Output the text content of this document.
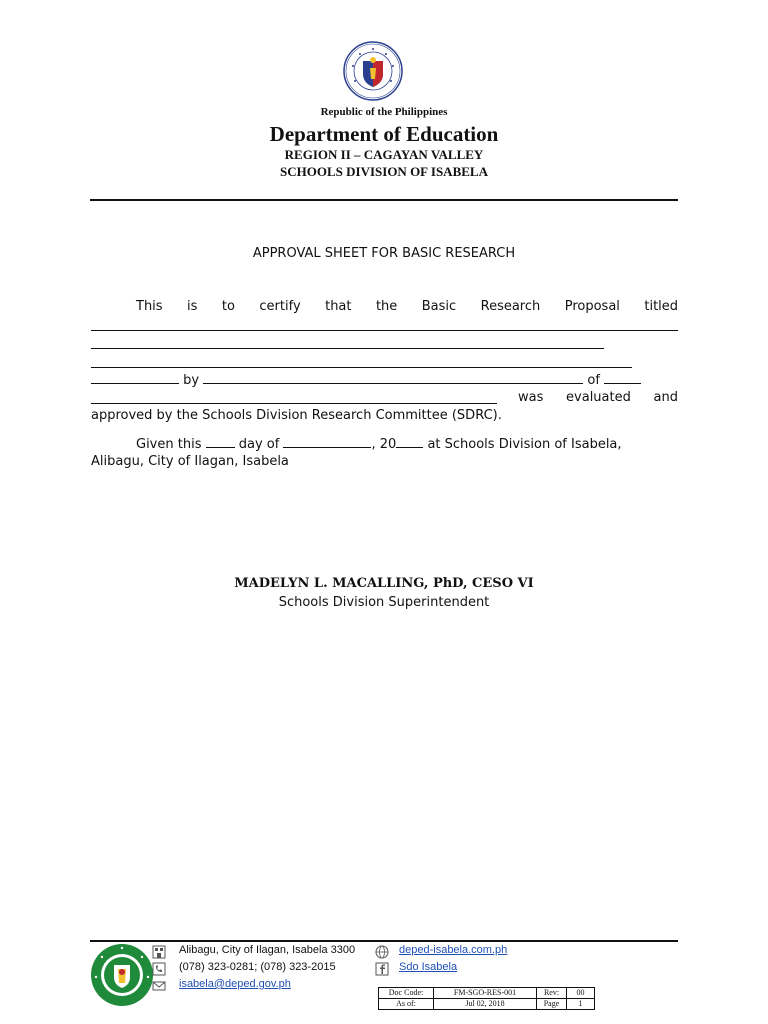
Republic of the Philippines
Department of Education
REGION II – CAGAYAN VALLEY
SCHOOLS DIVISION OF ISABELA
APPROVAL SHEET FOR BASIC RESEARCH
This is to certify that the Basic Research Proposal titled
by	of
was evaluated and
approved by the Schools Division Research Committee (SDRC).
Given this	day of	, 20 at Schools Division of Isabela,
Alibagu, City of Ilagan, Isabela
MADELYN L. MACALLING, PhD, CESO VI
Schools Division Superintendent
Alibagu, City of Ilagan, Isabela 3300
(078) 323-0281; (078) 323-2015
isabela@deped.gov.ph
deped-isabela.com.ph
Sdo Isabela
Doc Code:	FM-SGO-RES-001	Rev:	00
As of:	Jul 02, 2018	Page	1
